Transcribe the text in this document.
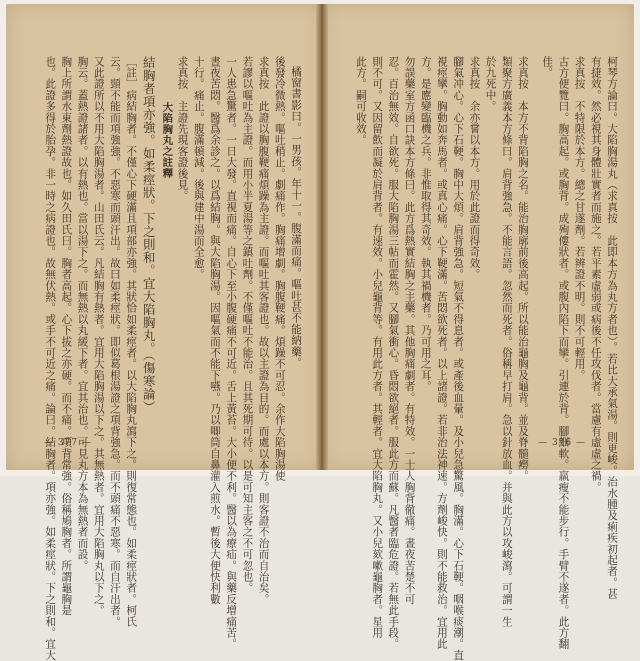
橘窗書影曰。一男孩。年十一。腹滿而痛。嘔吐甚不能納藥。
後發冷微熱。嘔吐稍止。劇痛作。胸痛增劇。胸腹鞕痛。煩躁不可忍。余作大陷胸湯使
求真按　此證以胸腹鞕痛煩躁為主證。而嘔吐其客證也。故以主證為目的。而處以本方。則客證不治而自治矣。
若謬以嘔吐為主證。而用小半夏湯等之鎮吐劑。不僅嘔吐不能治。且其死期可待。以是可知主客之不可忽也。
一人患急驚者。一日大發。直視而痛。自心下至小腹硬痛不可近。舌上黃苔。大小便不利。醫以為療疝。與藥反增痛苦。
晝夜苦悶。醫爲余診之。以爲結胸。與大陷胸湯。因嘔氣而不能下嚥。乃以唧筒自鼻灌入煎水。暫後大便快利數
十行。痛止。腹滿頓減。後與建中湯而全愈。
求真按　主證先現客證後見。
大陷胸丸之註釋
結胸者項亦強。如柔痙狀。下之則和。宜大陷胸丸。（傷寒論）
［註］病結胸者。不僅心下硬滿且項部亦強。其狀恰如柔痙者。以大陷胸丸瀉下之。則復常態也。如柔痙狀者。柯氏
云。頸不能而項強強。不惡寒而頭汗出。故曰如柔痙狀。即似葛根湯證之項背強急。而不頭痛不惡寒。而自汗出者。
又此證所以不用大陷胸湯者。山田氏云。凡結胸有熱者。宜用大陷胸湯以下之。其無熱者。宜用大陷胸丸以下之。
胸云。蓋熱證諸者。以有熱也。當以湯下之。而無熱以丸緩下者。宜其治也。可見丸方本為無熱者而設。
胸上所謂水東劑熱證故也。如久田氏曰。胸者高起。心下拔之亦硬。而不痛。項背常強。俗稱鳩胸者。所謂龜胸是
也。此證多得於胎孕。非一時之病證也。故無伏熱。或手不可近之痛。論曰。結胸者。項亦強。如柔痙狀。下之則和。宜大
— 377 —	柯琴方論曰。大陷胸湯丸（求真按　此即本方為丸方者也）。若比大承氣湯。則更峻。治水腫及痢疾初起者。甚
有捷效。然必視其身體壯實者而施之。若平素虛弱或病後不任攻伐者。當慮有虛虛之禍。
求真按　不特限於本方。總之甘遂劑。若辨證不明。則不可輕用。
古方便覽曰。胸高起。或胸背。成殉僂狀者。或腹內陷下而攣。引連於背。腳細軟。羸瘦不能步行。手臂不遂者。此方翻
佳。
求真按　本方不背陷胸之名。能治胸廓前後高起。所以能治龜胸及龜背。並及脊髓癆。
類聚方廣義本方條曰。肩背強急。不能言語。忽然而死者。俗稱早打肩。急以針放血。并與此方以攻峻瀉。可謂一生
於九死中。
求真按　余亦嘗以本方。用於此證而得奇效。
腳氣冲心。心下石鞕。胸中大煩。肩背強急。短氣不得息者。或產後血暈。及小兒急驚風。胸滿。心下石鞕。咽喉痰潮。直
視痙攣。胸動如奔馬者。或真心痛。心下鞕滿。苦悶欲死者。以上諸證。若非治法神速。方劑峻快。則不能救治。宜用此
方。是應變臨機之兵。非惟取得其奇效。執其禍機者。乃可用之耳。
勿誤藥室方函口訣本方條曰。此方爲熱實結胸之主藥。其他胸痛劇者。有特效。一士人胸背徹痛。晝夜苦楚不可
忍。百治無效。自欲死。服大陷胸湯三帖而霍然。又腳氣衝心。昏悶欲絕者。服此方而蘇。凡醫者臨危證。若無此手段。
則不可。又因留飲而凝於肩背者。有速效。小兒龜背等。有用此方者。其輕者。宜大陷胸丸。又小兒欬嗽龜胸者。星用
此方。嗣可收效。
— 376 —
